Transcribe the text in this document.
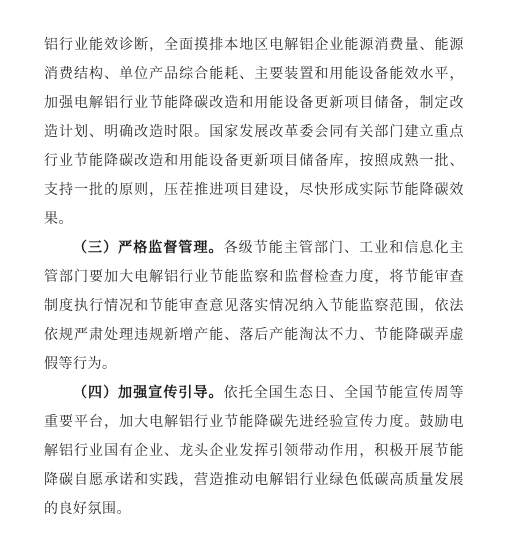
铝行业能效诊断，全面摸排本地区电解铝企业能源消费量、能源
消费结构、单位产品综合能耗、主要装置和用能设备能效水平，
加强电解铝行业节能降碳改造和用能设备更新项目储备，制定改
造计划、明确改造时限。国家发展改革委会同有关部门建立重点
行业节能降碳改造和用能设备更新项目储备库，按照成熟一批、
支持一批的原则，压茬推进项目建设，尽快形成实际节能降碳效
果。
（三）严格监督管理。各级节能主管部门、工业和信息化主
管部门要加大电解铝行业节能监察和监督检查力度，将节能审查
制度执行情况和节能审查意见落实情况纳入节能监察范围，依法
依规严肃处理违规新增产能、落后产能淘汰不力、节能降碳弄虚
假等行为。
（四）加强宣传引导。依托全国生态日、全国节能宣传周等
重要平台，加大电解铝行业节能降碳先进经验宣传力度。鼓励电
解铝行业国有企业、龙头企业发挥引领带动作用，积极开展节能
降碳自愿承诺和实践，营造推动电解铝行业绿色低碳高质量发展
的良好氛围。
